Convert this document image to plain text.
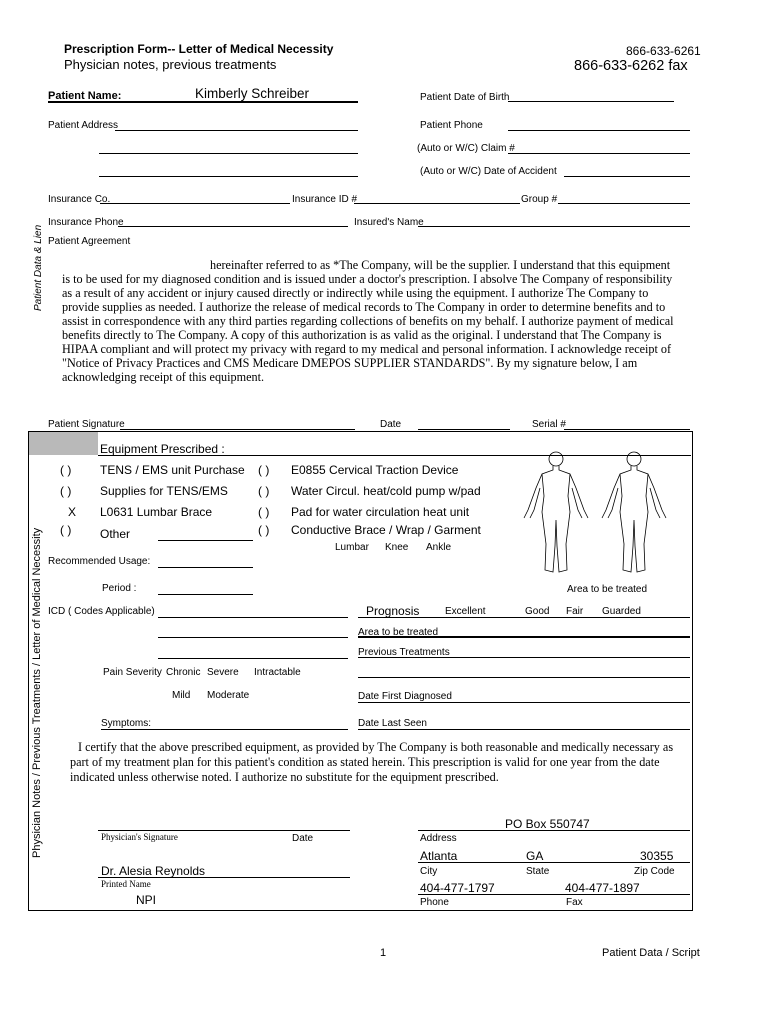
Prescription Form-- Letter of Medical Necessity
Physician notes, previous treatments
866-633-6261
866-633-6262 fax
Patient Name:	Kimberly Schreiber	Patient Date of Birth
Patient Address	Patient Phone
(Auto or W/C) Claim #
(Auto or W/C) Date of Accident
Insurance Co.	Insurance ID #	Group #
Insurance Phone	Insured's Name
Patient Agreement
Patient Data & Lien	hereinafter referred to as *The Company, will be the supplier. I understand that this equipment is to be used for my diagnosed condition and is issued under a doctor's prescription. I absolve The Company of responsibility as a result of any accident or injury caused directly or indirectly while using the equipment. I authorize The Company to provide supplies as needed. I authorize the release of medical records to The Company in order to determine benefits and to assist in correspondence with any third parties regarding collections of benefits on my behalf. I authorize payment of medical benefits directly to The Company. A copy of this authorization is as valid as the original. I understand that The Company is HIPAA compliant and will protect my privacy with regard to my medical and personal information. I acknowledge receipt of "Notice of Privacy Practices and CMS Medicare DMEPOS SUPPLIER STANDARDS". By my signature below, I am acknowledging receipt of this equipment.
Patient Signature	Date	Serial #
Equipment Prescribed :
Physician Notes / Previous Treatments / Letter of Medical Necessity
( ) TENS / EMS unit Purchase
( ) Supplies for TENS/EMS
X L0631 Lumbar Brace
( ) Other
( ) E0855 Cervical Traction Device
( ) Water Circul. heat/cold pump w/pad
( ) Pad for water circulation heat unit
( ) Conductive Brace / Wrap / Garment
Lumbar Knee Ankle
Area to be treated
Recommended Usage:
Period :
ICD ( Codes Applicable)	Prognosis	Excellent	Good Fair Guarded
Area to be treated
Previous Treatments
Pain Severity Chronic Severe Intractable
Mild Moderate	Date First Diagnosed
Symptoms:	Date Last Seen
I certify that the above prescribed equipment, as provided by The Company is both reasonable and medically necessary as part of my treatment plan for this patient's condition as stated herein. This prescription is valid for one year from the date indicated unless otherwise noted. I authorize no substitute for the equipment prescribed.
Physician's Signature	Date
Dr. Alesia Reynolds
Printed Name
NPI
PO Box 550747
Address
Atlanta	GA	30355
City	State	Zip Code
404-477-1797	404-477-1897
Phone	Fax
1	Patient Data / Script
